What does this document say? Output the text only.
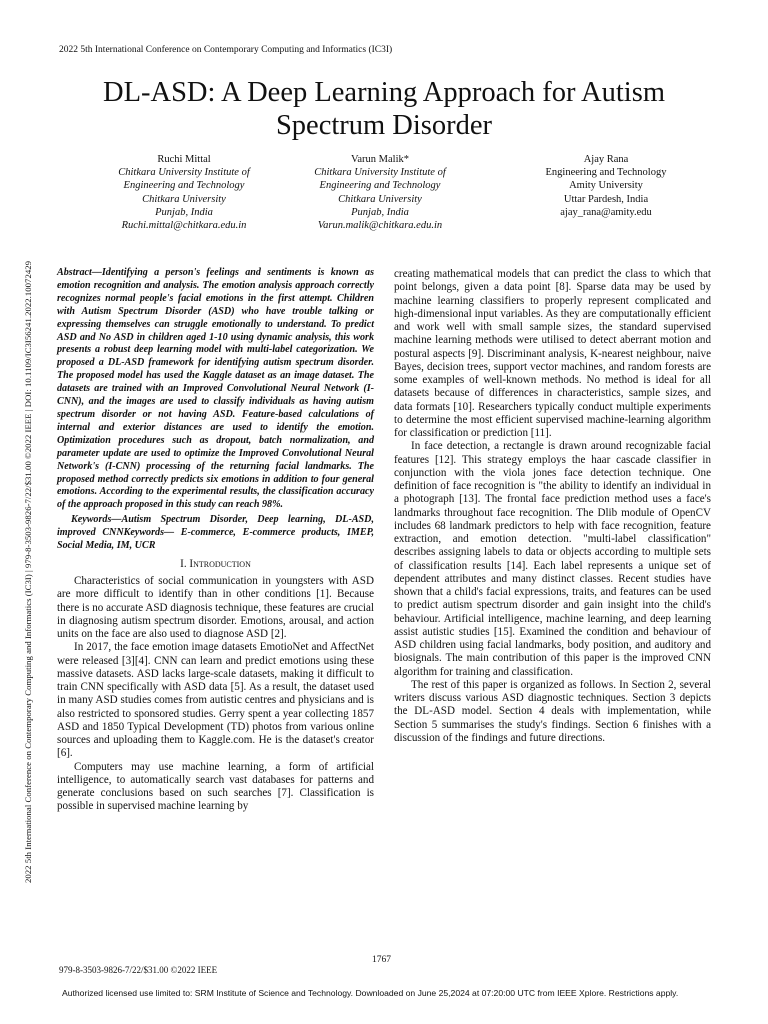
2022 5th International Conference on Contemporary Computing and Informatics (IC3I)
DL-ASD: A Deep Learning Approach for Autism Spectrum Disorder
Ruchi Mittal
Chitkara University Institute of
Engineering and Technology
Chitkara University
Punjab, India
Ruchi.mittal@chitkara.edu.in
Varun Malik*
Chitkara University Institute of
Engineering and Technology
Chitkara University
Punjab, India
Varun.malik@chitkara.edu.in
Ajay Rana
Engineering and Technology
Amity University
Uttar Pardesh, India
ajay_rana@amity.edu
2022 5th International Conference on Contemporary Computing and Informatics (IC3I) | 979-8-3503-9826-7/22/$31.00 ©2022 IEEE | DOI: 10.1109/IC3I56241.2022.10072429 Abstract—Identifying a person's feelings and sentiments is known as emotion recognition and analysis. The emotion analysis approach correctly recognizes normal people's facial emotions in the first attempt. Children with Autism Spectrum Disorder (ASD) who have trouble talking or expressing themselves can struggle emotionally to understand. To predict ASD and No ASD in children aged 1-10 using dynamic analysis, this work presents a robust deep learning model with multi-label categorization. We proposed a DL-ASD framework for identifying autism spectrum disorder. The proposed model has used the Kaggle dataset as an image dataset. The datasets are trained with an Improved Convolutional Neural Network (I-CNN), and the images are used to classify individuals as having autism spectrum disorder or not having ASD. Feature-based calculations of internal and exterior distances are used to identify the emotion. Optimization procedures such as dropout, batch normalization, and parameter update are used to optimize the Improved Convolutional Neural Network's (I-CNN) processing of the returning facial landmarks. The proposed method correctly predicts six emotions in addition to four general emotions. According to the experimental results, the classification accuracy of the approach proposed in this study can reach 98%.

Keywords—Autism Spectrum Disorder, Deep learning, DL-ASD, improved CNNKeywords— E-commerce, E-commerce products, IMEP, Social Media, IM, UCR

I. Introduction

Characteristics of social communication in youngsters with ASD are more difficult to identify than in other conditions [1]. Because there is no accurate ASD diagnosis technique, these features are crucial in diagnosing autism spectrum disorder. Emotions, arousal, and action units on the face are also used to diagnose ASD [2].

In 2017, the face emotion image datasets EmotioNet and AffectNet were released [3][4]. CNN can learn and predict emotions using these massive datasets. ASD lacks large-scale datasets, making it difficult to train CNN specifically with ASD data [5]. As a result, the dataset used in many ASD studies comes from autistic centres and physicians and is also restricted to sponsored studies. Gerry spent a year collecting 1857 ASD and 1850 Typical Development (TD) photos from various online sources and uploading them to Kaggle.com. He is the dataset's creator [6].

Computers may use machine learning, a form of artificial intelligence, to automatically search vast databases for patterns and generate conclusions based on such searches [7]. Classification is possible in supervised machine learning by

creating mathematical models that can predict the class to which that point belongs, given a data point [8]. Sparse data may be used by machine learning classifiers to properly represent complicated and high-dimensional input variables. As they are computationally efficient and work well with small sample sizes, the standard supervised machine learning methods were utilised to detect aberrant motion and postural aspects [9]. Discriminant analysis, K-nearest neighbour, naive Bayes, decision trees, support vector machines, and random forests are some examples of well-known methods. No method is ideal for all datasets because of differences in characteristics, sample sizes, and data formats [10]. Researchers typically conduct multiple experiments to determine the most efficient supervised machine-learning algorithm for classification or prediction [11].

In face detection, a rectangle is drawn around recognizable facial features [12]. This strategy employs the haar cascade classifier in conjunction with the viola jones face detection technique. One definition of face recognition is "the ability to identify an individual in a photograph [13]. The frontal face prediction method uses a face's landmarks throughout face recognition. The Dlib module of OpenCV includes 68 landmark predictors to help with face recognition, feature extraction, and emotion detection. "multi-label classification" describes assigning labels to data or objects according to multiple sets of classification results [14]. Each label represents a unique set of dependent attributes and many distinct classes. Recent studies have shown that a child's facial expressions, traits, and features can be used to predict autism spectrum disorder and gain insight into the child's behaviour. Artificial intelligence, machine learning, and deep learning assist autistic studies [15]. Examined the condition and behaviour of ASD children using facial landmarks, body position, and auditory and biosignals. The main contribution of this paper is the improved CNN algorithm for training and classification.

The rest of this paper is organized as follows. In Section 2, several writers discuss various ASD diagnostic techniques. Section 3 depicts the DL-ASD model. Section 4 deals with implementation, while Section 5 summarises the study's findings. Section 6 finishes with a discussion of the findings and future directions.

1767
979-8-3503-9826-7/22/$31.00 ©2022 IEEE
Authorized licensed use limited to: SRM Institute of Science and Technology. Downloaded on June 25,2024 at 07:20:00 UTC from IEEE Xplore. Restrictions apply.
